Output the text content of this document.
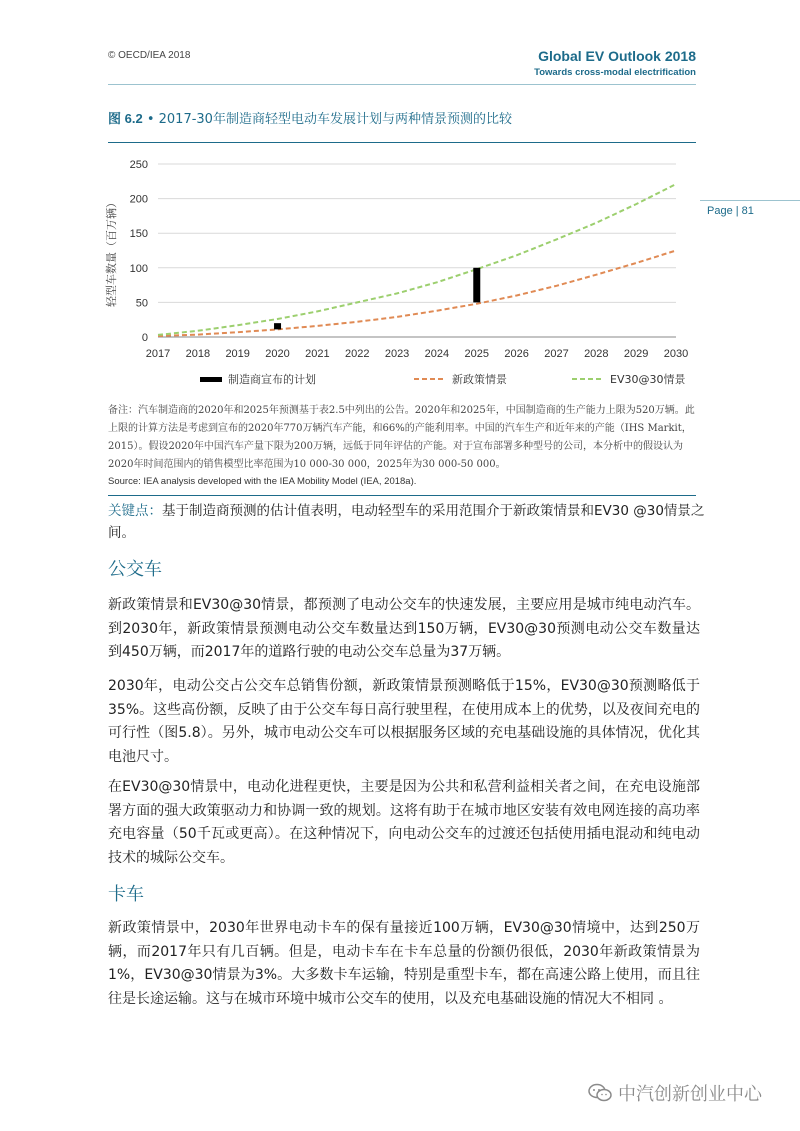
© OECD/IEA 2018	Global EV Outlook 2018
Towards cross-modal electrification
Page | 81
图 6.2 • 2017-30年制造商轻型电动车发展计划与两种情景预测的比较
0
50
100
150
200
250
2017 2018 2019 2020 2021 2022 2023 2024 2025 2026 2027 2028 2029 2030
轻型车数量（百万辆）
制造商宣布的计划	新政策情景	EV30@30情景
备注：汽车制造商的2020年和2025年预测基于表2.5中列出的公告。2020年和2025年，中国制造商的生产能力上限为520万辆。此上限的计算方法是考虑到宣布的2020年770万辆汽车产能，和66%的产能利用率。中国的汽车生产和近年来的产能（IHS Markit，2015）。假设2020年中国汽车产量下限为200万辆，远低于同年评估的产能。对于宣布部署多种型号的公司，本分析中的假设认为2020年时间范围内的销售模型比率范围为10 000-30 000，2025年为30 000-50 000。
Source: IEA analysis developed with the IEA Mobility Model (IEA, 2018a).
关键点：基于制造商预测的估计值表明，电动轻型车的采用范围介于新政策情景和EV30 @30情景之间。
公交车
新政策情景和EV30@30情景，都预测了电动公交车的快速发展，主要应用是城市纯电动汽车。到2030年，新政策情景预测电动公交车数量达到150万辆，EV30@30预测电动公交车数量达到450万辆，而2017年的道路行驶的电动公交车总量为37万辆。
2030年，电动公交占公交车总销售份额，新政策情景预测略低于15%，EV30@30预测略低于35%。这些高份额，反映了由于公交车每日高行驶里程，在使用成本上的优势，以及夜间充电的可行性（图5.8）。另外，城市电动公交车可以根据服务区域的充电基础设施的具体情况，优化其电池尺寸。
在EV30@30情景中，电动化进程更快，主要是因为公共和私营利益相关者之间，在充电设施部署方面的强大政策驱动力和协调一致的规划。这将有助于在城市地区安装有效电网连接的高功率充电容量（50千瓦或更高）。在这种情况下，向电动公交车的过渡还包括使用插电混动和纯电动技术的城际公交车。
卡车
新政策情景中，2030年世界电动卡车的保有量接近100万辆，EV30@30情境中，达到250万辆，而2017年只有几百辆。但是，电动卡车在卡车总量的份额仍很低，2030年新政策情景为1%，EV30@30情景为3%。大多数卡车运输，特别是重型卡车，都在高速公路上使用，而且往往是长途运输。这与在城市环境中城市公交车的使用，以及充电基础设施的情况大不相同 。
中汽创新创业中心
